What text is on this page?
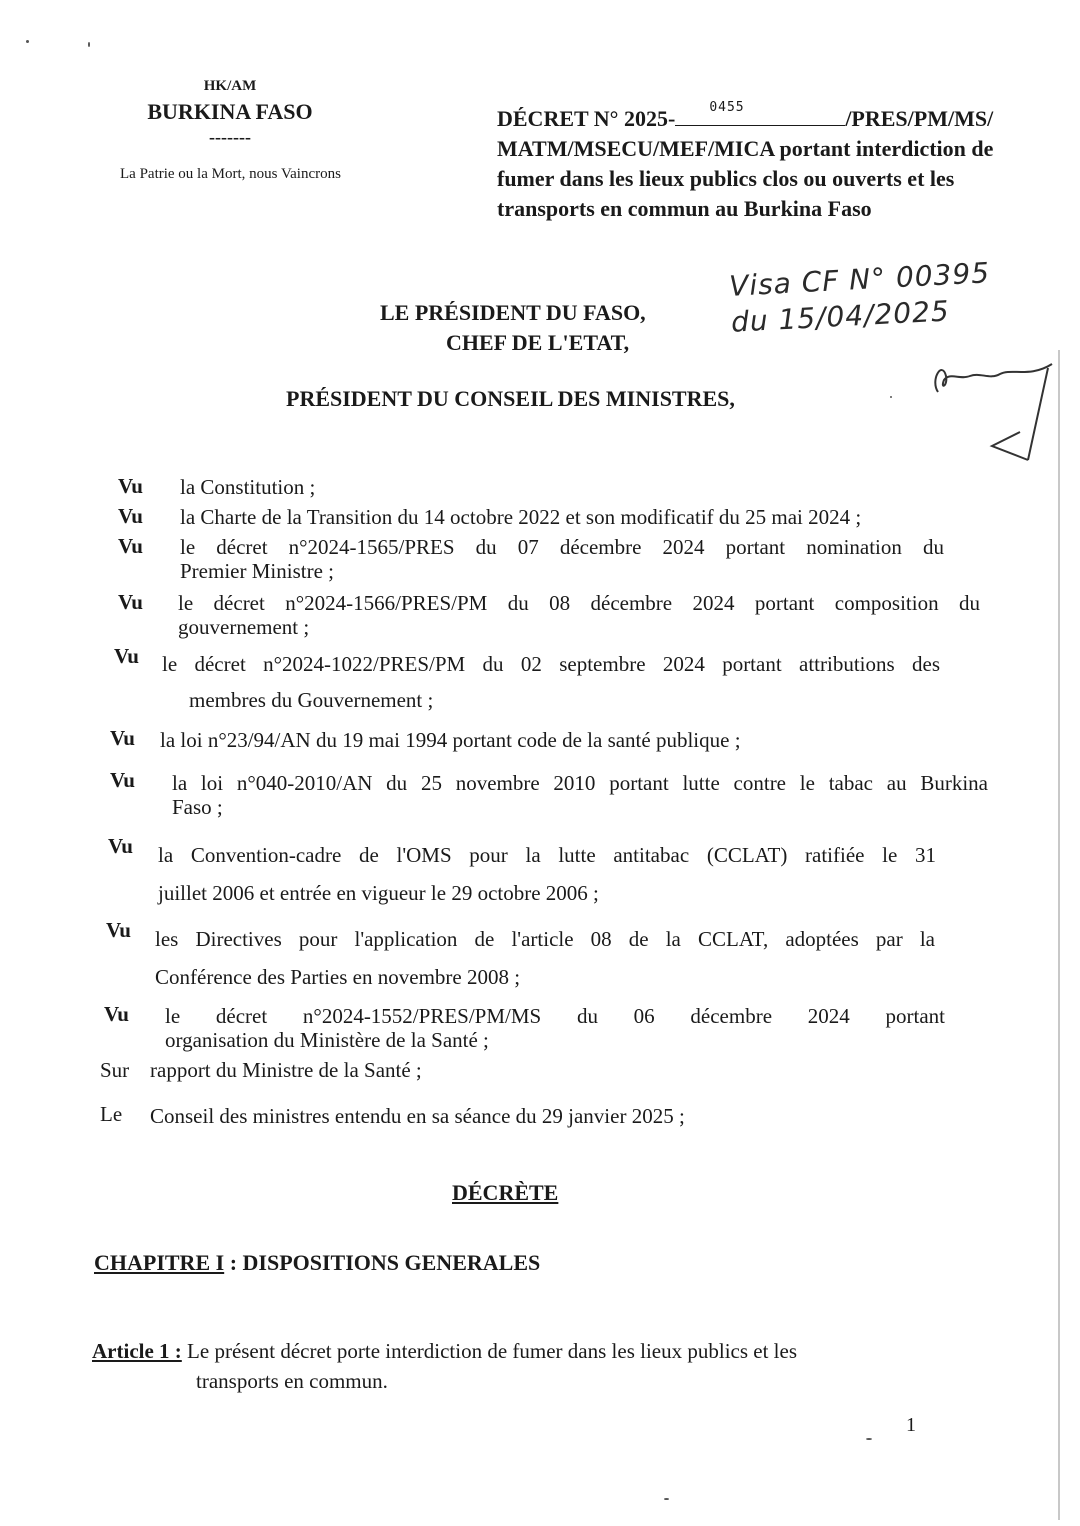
HK/AM
BURKINA FASO
-------
La Patrie ou la Mort, nous Vaincrons
DÉCRET N° 2025-	0455	/PRES/PM/MS/
MATM/MSECU/MEF/MICA portant interdiction de
fumer dans les lieux publics clos ou ouverts et les
transports en commun au Burkina Faso
Visa CF N° 00395
du 15/04/2025
LE PRÉSIDENT DU FASO,
CHEF DE L'ETAT,
PRÉSIDENT DU CONSEIL DES MINISTRES,
Vu la Constitution ;
Vu la Charte de la Transition du 14 octobre 2022 et son modificatif du 25 mai 2024 ;
Vu le décret n°2024-1565/PRES du 07 décembre 2024 portant nomination du
Premier Ministre ;
Vu le décret n°2024-1566/PRES/PM du 08 décembre 2024 portant composition du
gouvernement ;
Vu le décret n°2024-1022/PRES/PM du 02 septembre 2024 portant attributions des
membres du Gouvernement ;
Vu la loi n°23/94/AN du 19 mai 1994 portant code de la santé publique ;
Vu la loi n°040-2010/AN du 25 novembre 2010 portant lutte contre le tabac au Burkina
Faso ;
Vu la Convention-cadre de l'OMS pour la lutte antitabac (CCLAT) ratifiée le 31
juillet 2006 et entrée en vigueur le 29 octobre 2006 ;
Vu les Directives pour l'application de l'article 08 de la CCLAT, adoptées par la
Conférence des Parties en novembre 2008 ;
Vu le décret n°2024-1552/PRES/PM/MS du 06 décembre 2024 portant
organisation du Ministère de la Santé ;
Sur rapport du Ministre de la Santé ;
Le Conseil des ministres entendu en sa séance du 29 janvier 2025 ;
DÉCRÈTE
CHAPITRE I : DISPOSITIONS GENERALES
Article 1 : Le présent décret porte interdiction de fumer dans les lieux publics et les
transports en commun.
1
